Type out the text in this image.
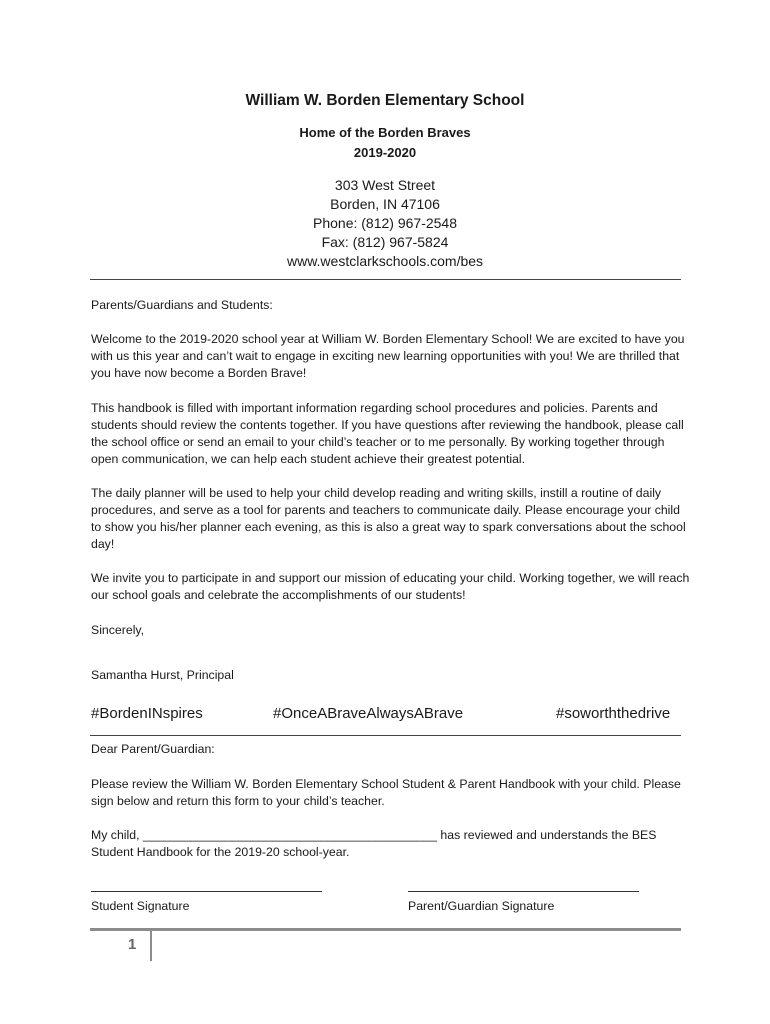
William W. Borden Elementary School
Home of the Borden Braves
2019-2020
303 West Street
Borden, IN 47106
Phone: (812) 967-2548
Fax: (812) 967-5824
www.westclarkschools.com/bes
Parents/Guardians and Students:
Welcome to the 2019-2020 school year at William W. Borden Elementary School! We are excited to have you with us this year and can’t wait to engage in exciting new learning opportunities with you! We are thrilled that you have now become a Borden Brave!
This handbook is filled with important information regarding school procedures and policies. Parents and students should review the contents together. If you have questions after reviewing the handbook, please call the school office or send an email to your child’s teacher or to me personally. By working together through open communication, we can help each student achieve their greatest potential.
The daily planner will be used to help your child develop reading and writing skills, instill a routine of daily procedures, and serve as a tool for parents and teachers to communicate daily. Please encourage your child to show you his/her planner each evening, as this is also a great way to spark conversations about the school day!
We invite you to participate in and support our mission of educating your child. Working together, we will reach our school goals and celebrate the accomplishments of our students!
Sincerely,
Samantha Hurst, Principal
#BordenINspires	#OnceABraveAlwaysABrave	#soworththedrive
Dear Parent/Guardian:
Please review the William W. Borden Elementary School Student & Parent Handbook with your child. Please sign below and return this form to your child’s teacher.
My child, ___________________________________________ has reviewed and understands the BES Student Handbook for the 2019-20 school-year.
Student Signature	Parent/Guardian Signature
1
